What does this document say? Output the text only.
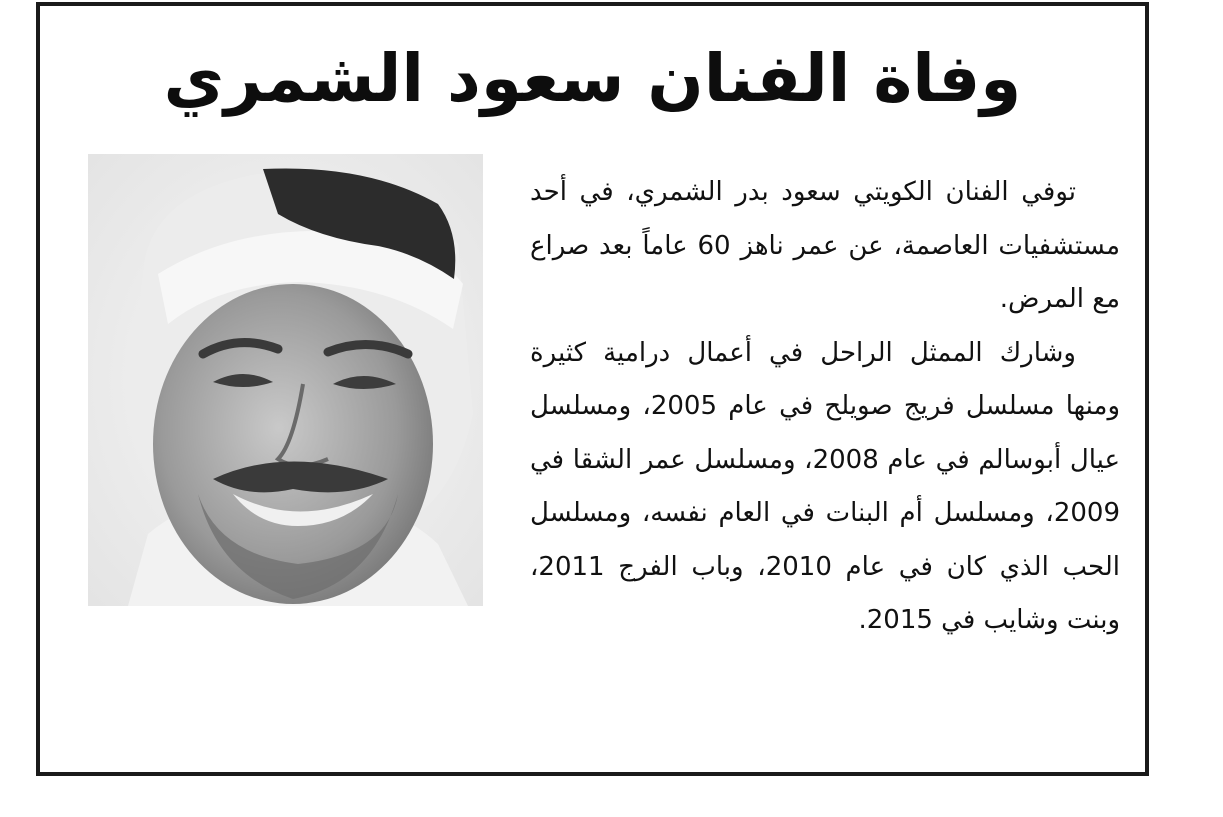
وفاة الفنان سعود الشمري

توفي الفنان الكويتي سعود بدر الشمري، في أحد مستشفيات العاصمة، عن عمر ناهز 60 عاماً بعد صراع مع المرض.

وشارك الممثل الراحل في أعمال درامية كثيرة ومنها مسلسل فريج صويلح في عام 2005، ومسلسل عيال أبوسالم في عام 2008، ومسلسل عمر الشقا في 2009، ومسلسل أم البنات في العام نفسه، ومسلسل الحب الذي كان في عام 2010، وباب الفرج 2011، وبنت وشايب في 2015.
